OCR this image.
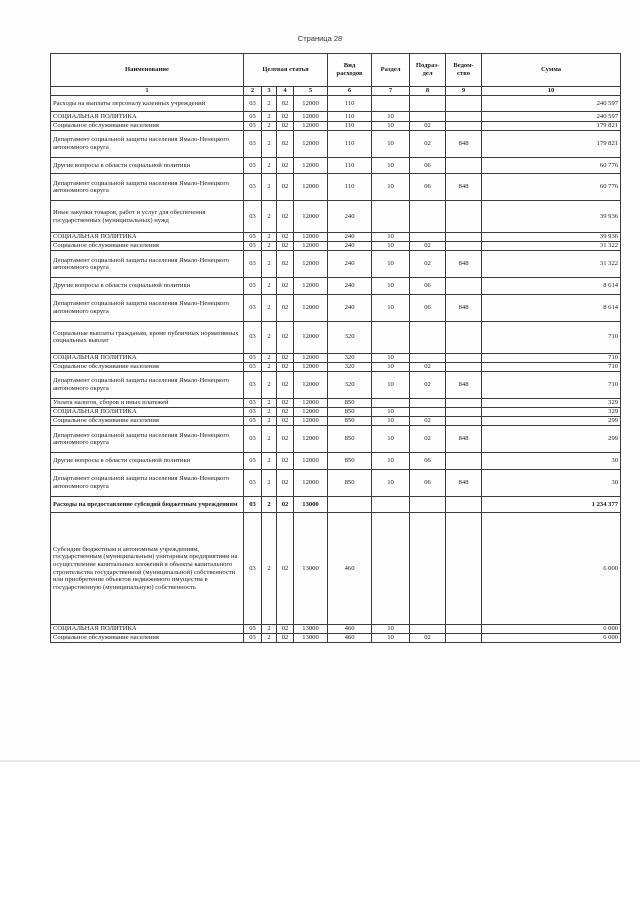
Страница 28
Наименование	Целевая статья				Вид расходов	Раздел	Подраз-дел	Ведом-ство	Сумма
1	2	3	4	5	6	7	8	9	10
Расходы на выплаты персоналу казенных учреждений	03	2	02	12000	110				240 597
СОЦИАЛЬНАЯ ПОЛИТИКА	03	2	02	12000	110	10			240 597
Социальное обслуживание населения	03	2	02	12000	110	10	02		179 821
Департамент социальной защиты населения Ямало-Ненецкого автономного округа	03	2	02	12000	110	10	02	848	179 821
Другие вопросы в области социальной политики	03	2	02	12000	110	10	06		60 776
Департамент социальной защиты населения Ямало-Ненецкого автономного округа	03	2	02	12000	110	10	06	848	60 776
Иные закупки товаров, работ и услуг для обеспечения государственных (муниципальных) нужд	03	2	02	12000	240				39 936
СОЦИАЛЬНАЯ ПОЛИТИКА	03	2	02	12000	240	10			39 936
Социальное обслуживание населения	03	2	02	12000	240	10	02		31 322
Департамент социальной защиты населения Ямало-Ненецкого автономного округа	03	2	02	12000	240	10	02	848	31 322
Другие вопросы в области социальной политики	03	2	02	12000	240	10	06		8 614
Департамент социальной защиты населения Ямало-Ненецкого автономного округа	03	2	02	12000	240	10	06	848	8 614
Социальные выплаты гражданам, кроме публичных нормативных социальных выплат	03	2	02	12000	320				710
СОЦИАЛЬНАЯ ПОЛИТИКА	03	2	02	12000	320	10			710
Социальное обслуживание населения	03	2	02	12000	320	10	02		710
Департамент социальной защиты населения Ямало-Ненецкого автономного округа	03	2	02	12000	320	10	02	848	710
Уплата налогов, сборов и иных платежей	03	2	02	12000	850				329
СОЦИАЛЬНАЯ ПОЛИТИКА	03	2	02	12000	850	10			329
Социальное обслуживание населения	03	2	02	12000	850	10	02		299
Департамент социальной защиты населения Ямало-Ненецкого автономного округа	03	2	02	12000	850	10	02	848	299
Другие вопросы в области социальной политики	03	2	02	12000	850	10	06		30
Департамент социальной защиты населения Ямало-Ненецкого автономного округа	03	2	02	12000	850	10	06	848	30
Расходы на предоставление субсидий бюджетным учреждениям	03	2	02	13000					1 234 377
Субсидии бюджетным и автономным учреждениям, государственным (муниципальным) унитарным предприятиям на осуществление капитальных вложений в объекты капитального строительства государственной (муниципальной) собственности или приобретение объектов недвижимого имущества в государственную (муниципальную) собственность	03	2	02	13000	460				6 000
СОЦИАЛЬНАЯ ПОЛИТИКА	03	2	02	13000	460	10			6 000
Социальное обслуживание населения	03	2	02	13000	460	10	02		6 000
